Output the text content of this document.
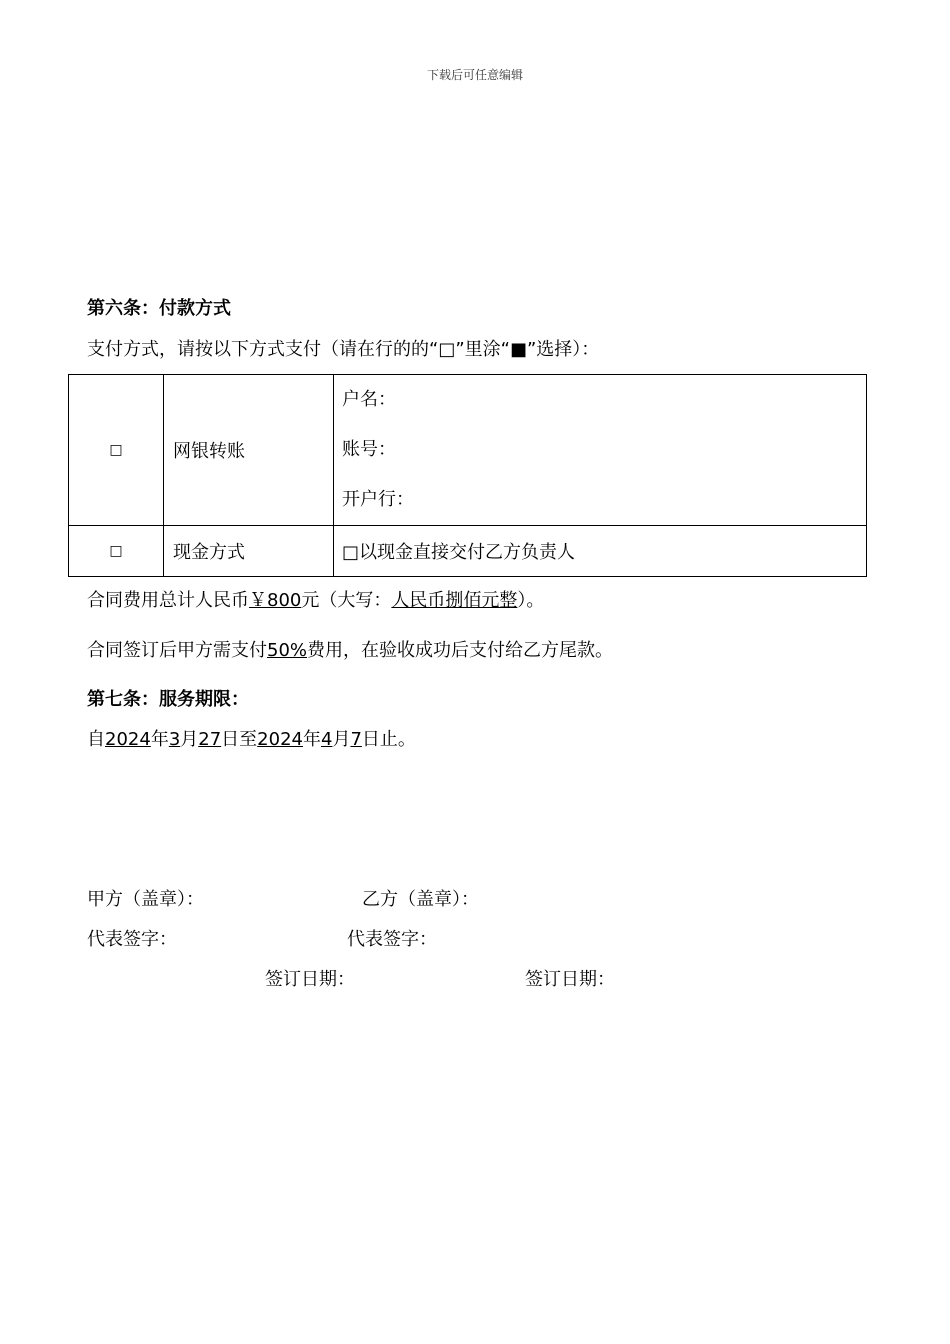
下载后可任意编辑
第六条：付款方式
支付方式，请按以下方式支付（请在行的的“□”里涂“■”选择）：
□	网银转账	户名：
账号：
开户行：

□	现金方式	□以现金直接交付乙方负责人
合同费用总计人民币￥800元（大写：人民币捌佰元整）。
合同签订后甲方需支付50%费用，在验收成功后支付给乙方尾款。
第七条：服务期限：
自2024年3月27日至2024年4月7日止。
甲方（盖章）：	乙方（盖章）：
代表签字：	代表签字：
签订日期：	签订日期：
